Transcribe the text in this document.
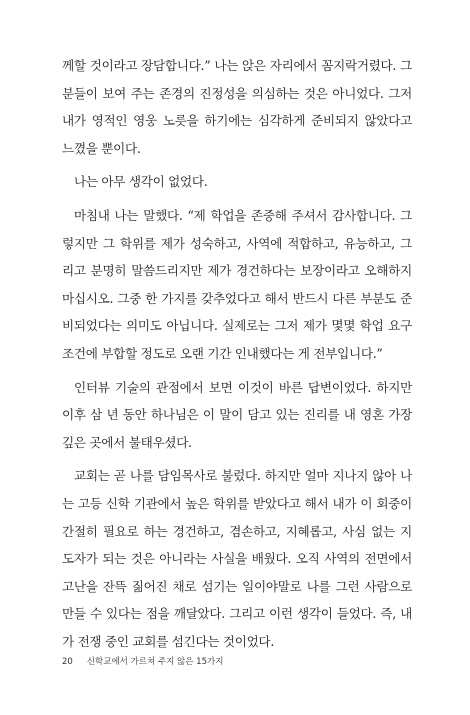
께할 것이라고 장담합니다.” 나는 앉은 자리에서 꼼지락거렸다. 그
분들이 보여 주는 존경의 진정성을 의심하는 것은 아니었다. 그저
내가 영적인 영웅 노릇을 하기에는 심각하게 준비되지 않았다고
느꼈을 뿐이다.
나는 아무 생각이 없었다.
마침내 나는 말했다. “제 학업을 존중해 주셔서 감사합니다. 그
렇지만 그 학위를 제가 성숙하고, 사역에 적합하고, 유능하고, 그
리고 분명히 말씀드리지만 제가 경건하다는 보장이라고 오해하지
마십시오. 그중 한 가지를 갖추었다고 해서 반드시 다른 부분도 준
비되었다는 의미도 아닙니다. 실제로는 그저 제가 몇몇 학업 요구
조건에 부합할 정도로 오랜 기간 인내했다는 게 전부입니다.”
인터뷰 기술의 관점에서 보면 이것이 바른 답변이었다. 하지만
이후 삼 년 동안 하나님은 이 말이 담고 있는 진리를 내 영혼 가장
깊은 곳에서 불태우셨다.
교회는 곧 나를 담임목사로 불렀다. 하지만 얼마 지나지 않아 나
는 고등 신학 기관에서 높은 학위를 받았다고 해서 내가 이 회중이
간절히 필요로 하는 경건하고, 겸손하고, 지혜롭고, 사심 없는 지
도자가 되는 것은 아니라는 사실을 배웠다. 오직 사역의 전면에서
고난을 잔뜩 짊어진 채로 섬기는 일이야말로 나를 그런 사람으로
만들 수 있다는 점을 깨달았다. 그리고 이런 생각이 들었다. 즉, 내
가 전쟁 중인 교회를 섬긴다는 것이었다.
20 신학교에서 가르쳐 주지 않은 15가지
